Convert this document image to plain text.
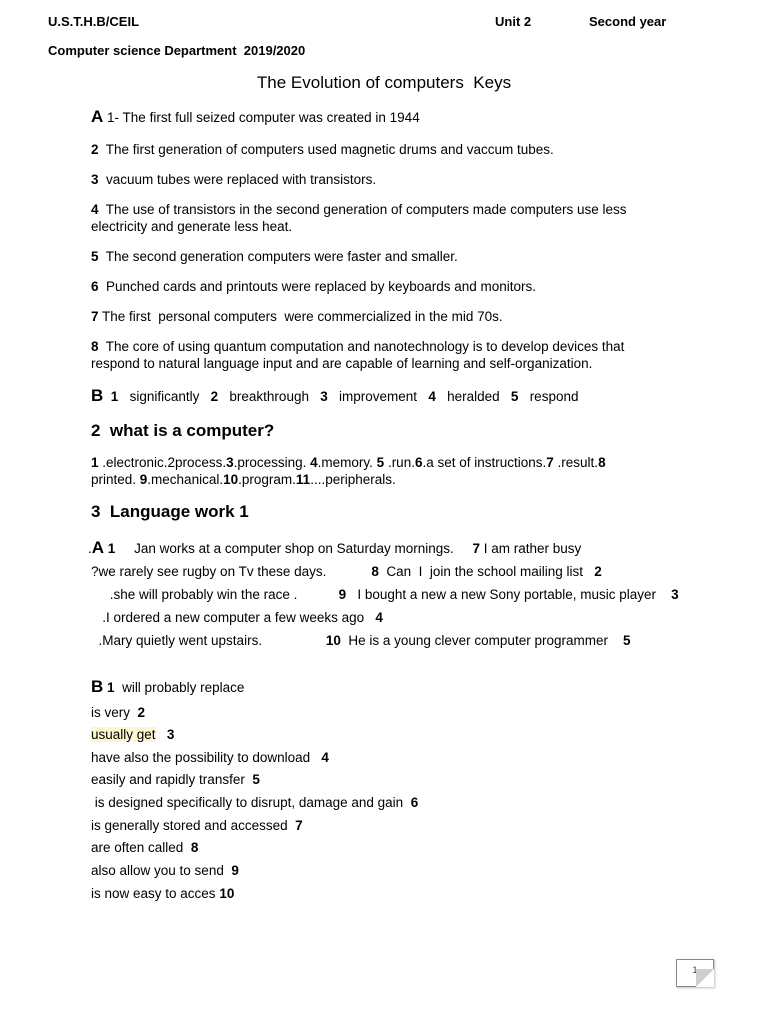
U.S.T.H.B/CEIL	Unit 2	Second year
Computer science Department  2019/2020
The Evolution of computers  Keys
A 1- The first full seized computer was created in 1944
2 The first generation of computers used magnetic drums and vaccum tubes.
3 vacuum tubes were replaced with transistors.
4 The use of transistors in the second generation of computers made computers use less electricity and generate less heat.
5 The second generation computers were faster and smaller.
6 Punched cards and printouts were replaced by keyboards and monitors.
7 The first  personal computers  were commercialized in the mid 70s.
8 The core of using quantum computation and nanotechnology is to develop devices that respond to natural language input and are capable of learning and self-organization.
B 1 significantly 2 breakthrough 3 improvement 4 heralded 5 respond
2  what is a computer?
1 .electronic.2process.3.processing. 4.memory. 5 .run.6.a set of instructions.7 .result.8
printed. 9.mechanical.10.program.11....peripherals.
3  Language work 1
.A 1     Jan works at a computer shop on Saturday mornings.     7 I am rather busy
?we rarely see rugby on Tv these days.            8  Can  I  join the school mailing list   2
.she will probably win the race .           9   I bought a new a new Sony portable, music player    3
.I ordered a new computer a few weeks ago   4
.Mary quietly went upstairs.                 10  He is a young clever computer programmer    5
B 1  will probably replace
is very  2
usually get 3
have also the possibility to download   4
easily and rapidly transfer  5
is designed specifically to disrupt, damage and gain  6
is generally stored and accessed  7
are often called  8
also allow you to send  9
is now easy to acces 10
1
